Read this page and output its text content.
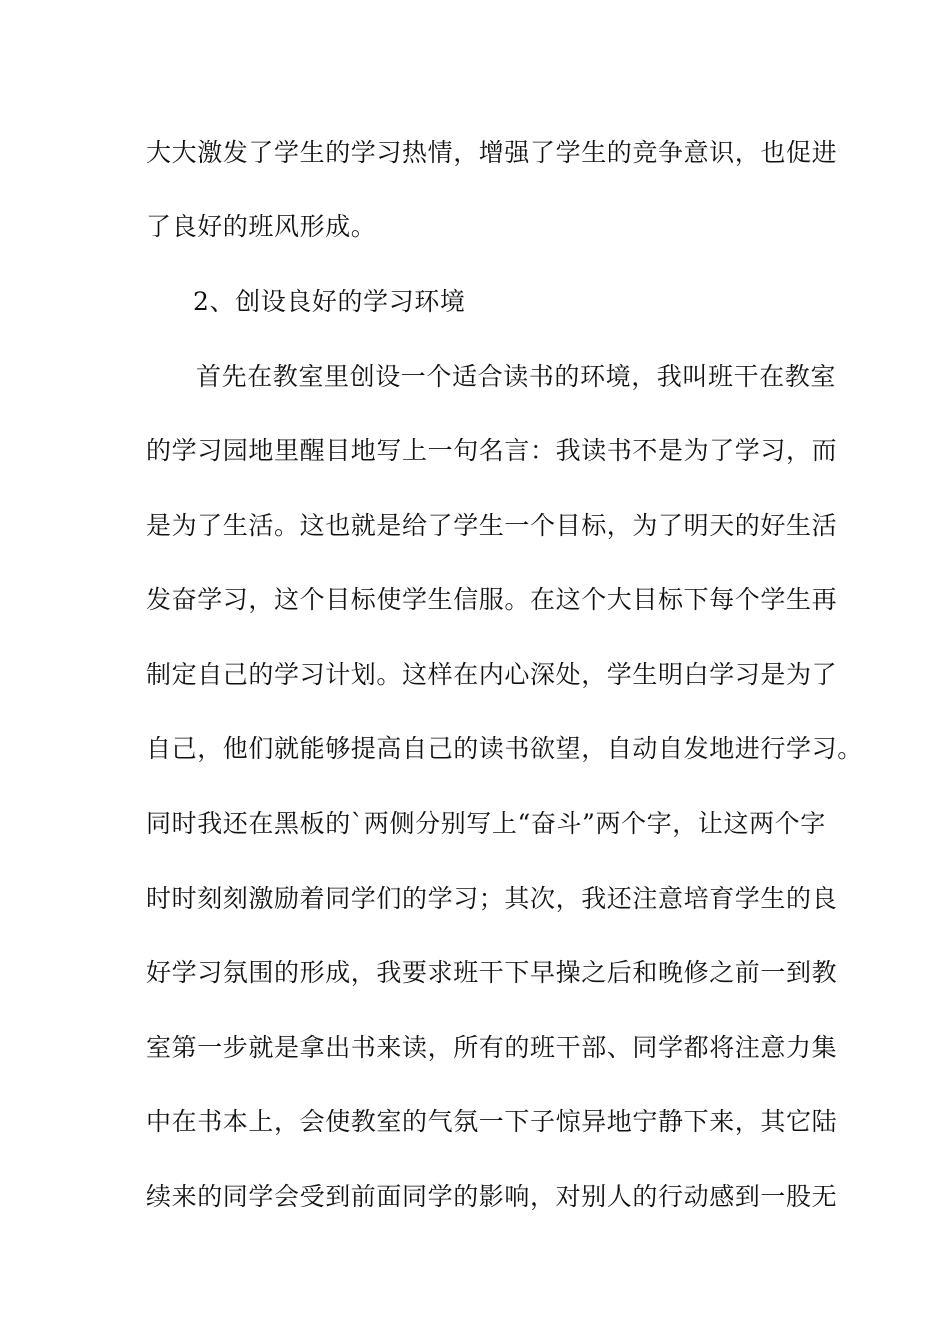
大大激发了学生的学习热情，增强了学生的竞争意识，也促进
了良好的班风形成。
2、创设良好的学习环境
首先在教室里创设一个适合读书的环境，我叫班干在教室
的学习园地里醒目地写上一句名言：我读书不是为了学习，而
是为了生活。这也就是给了学生一个目标，为了明天的好生活
发奋学习，这个目标使学生信服。在这个大目标下每个学生再
制定自己的学习计划。这样在内心深处，学生明白学习是为了
自己，他们就能够提高自己的读书欲望，自动自发地进行学习。
同时我还在黑板的`两侧分别写上“奋斗”两个字，让这两个字
时时刻刻激励着同学们的学习；其次，我还注意培育学生的良
好学习氛围的形成，我要求班干下早操之后和晚修之前一到教
室第一步就是拿出书来读，所有的班干部、同学都将注意力集
中在书本上，会使教室的气氛一下子惊异地宁静下来，其它陆
续来的同学会受到前面同学的影响，对别人的行动感到一股无
